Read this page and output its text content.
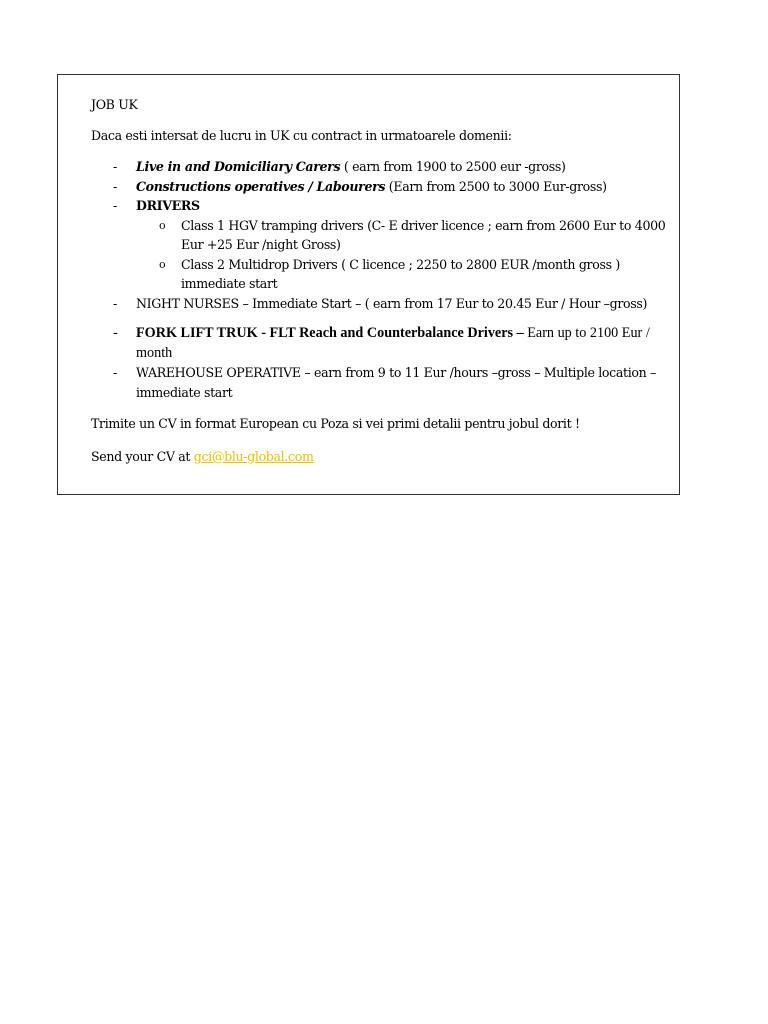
JOB UK
Daca esti intersat de lucru in UK cu contract in urmatoarele domenii:
- Live in and Domiciliary Carers ( earn from 1900 to 2500 eur -gross)
- Constructions operatives / Labourers (Earn from 2500 to 3000 Eur-gross)
- DRIVERS
o Class 1 HGV tramping drivers (C- E driver licence ; earn from 2600 Eur to 4000 Eur +25 Eur /night Gross)
o Class 2 Multidrop Drivers ( C licence ; 2250 to 2800 EUR /month gross ) immediate start
- NIGHT NURSES – Immediate Start – ( earn from 17 Eur to 20.45 Eur / Hour –gross)
- FORK LIFT TRUK - FLT Reach and Counterbalance Drivers – Earn up to 2100 Eur / month
- WAREHOUSE OPERATIVE – earn from 9 to 11 Eur /hours –gross – Multiple location – immediate start
Trimite un CV in format European cu Poza si vei primi detalii pentru jobul dorit !
Send your CV at gci@blu-global.com
